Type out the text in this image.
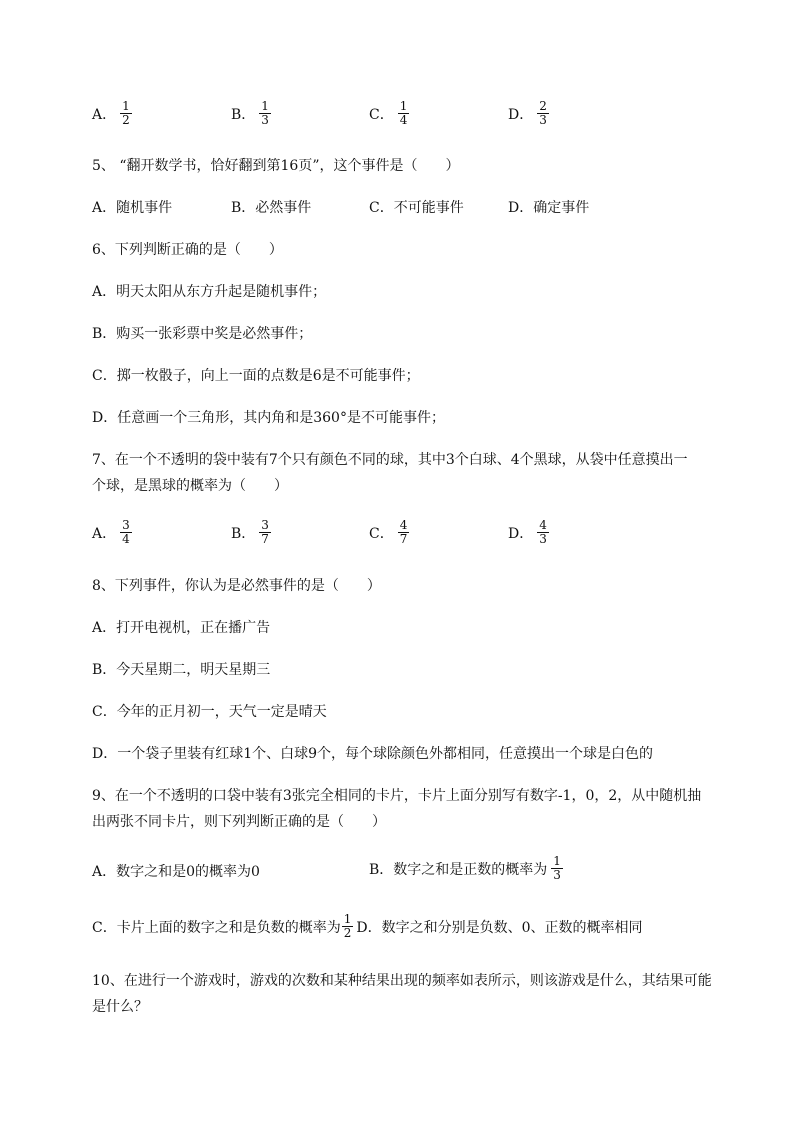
A． $\frac{1}{2}$	B． $\frac{1}{3}$	C． $\frac{1}{4}$	D． $\frac{2}{3}$
5、 “翻开数学书，恰好翻到第16页”，这个事件是（　　）
A．随机事件	B．必然事件	C．不可能事件	D．确定事件
6、下列判断正确的是（　　）
A．明天太阳从东方升起是随机事件；
B．购买一张彩票中奖是必然事件；
C．掷一枚骰子，向上一面的点数是6是不可能事件；
D．任意画一个三角形，其内角和是360°是不可能事件；
7、在一个不透明的袋中装有7个只有颜色不同的球，其中3个白球、4个黑球，从袋中任意摸出一
个球，是黑球的概率为（　　）
A． $\frac{3}{4}$	B． $\frac{3}{7}$	C． $\frac{4}{7}$	D． $\frac{4}{3}$
8、下列事件，你认为是必然事件的是（　　）
A．打开电视机，正在播广告
B．今天星期二，明天星期三
C．今年的正月初一，天气一定是晴天
D．一个袋子里装有红球1个、白球9个，每个球除颜色外都相同，任意摸出一个球是白色的
9、在一个不透明的口袋中装有3张完全相同的卡片，卡片上面分别写有数字-1，0，2，从中随机抽
出两张不同卡片，则下列判断正确的是（　　）
A．数字之和是0的概率为0	B．数字之和是正数的概率为 $\frac{1}{3}$
C．卡片上面的数字之和是负数的概率为 $\frac{1}{2}$ D．数字之和分别是负数、0、正数的概率相同
10、在进行一个游戏时，游戏的次数和某种结果出现的频率如表所示，则该游戏是什么，其结果可能
是什么？
